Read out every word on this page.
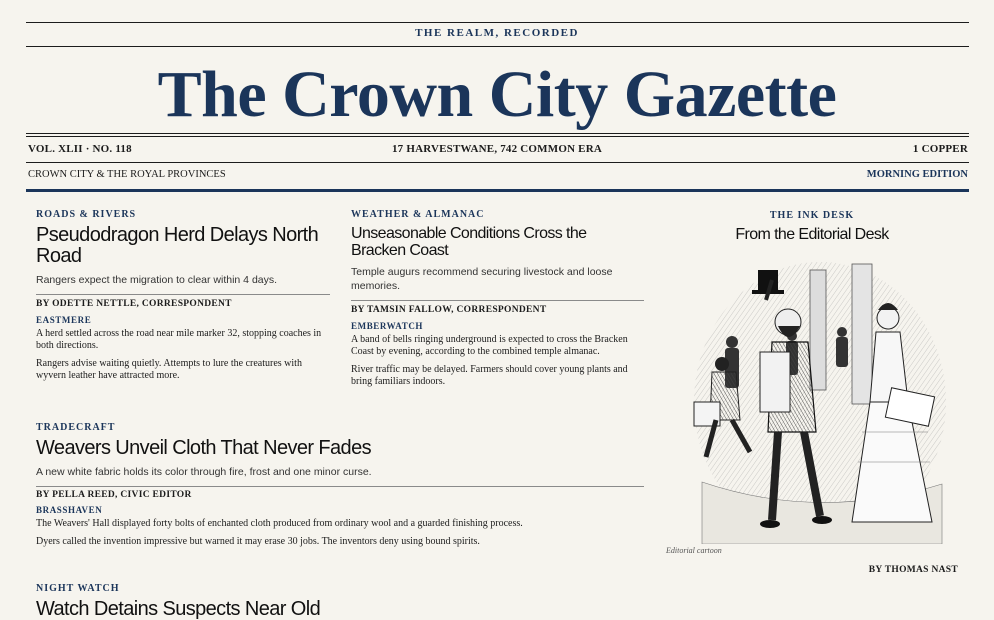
THE REALM, RECORDED
The Crown City Gazette
VOL. XLII · NO. 118	17 HARVESTWANE, 742 COMMON ERA	1 COPPER
CROWN CITY & THE ROYAL PROVINCES	MORNING EDITION
ROADS & RIVERS
Pseudodragon Herd Delays North Road
Rangers expect the migration to clear within 4 days.
BY ODETTE NETTLE, CORRESPONDENT
EASTMERE
A herd settled across the road near mile marker 32, stopping coaches in both directions.
Rangers advise waiting quietly. Attempts to lure the creatures with wyvern leather have attracted more.
WEATHER & ALMANAC
Unseasonable Conditions Cross the Bracken Coast
Temple augurs recommend securing livestock and loose memories.
BY TAMSIN FALLOW, CORRESPONDENT
EMBERWATCH
A band of bells ringing underground is expected to cross the Bracken Coast by evening, according to the combined temple almanac.
River traffic may be delayed. Farmers should cover young plants and bring familiars indoors.
TRADECRAFT
Weavers Unveil Cloth That Never Fades
A new white fabric holds its color through fire, frost and one minor curse.
BY PELLA REED, CIVIC EDITOR
BRASSHAVEN
The Weavers' Hall displayed forty bolts of enchanted cloth produced from ordinary wool and a guarded finishing process.
Dyers called the invention impressive but warned it may erase 30 jobs. The inventors deny using bound spirits.
NIGHT WATCH
Watch Detains Suspects Near Old
THE INK DESK
From the Editorial Desk
Editorial cartoon
BY THOMAS NAST
